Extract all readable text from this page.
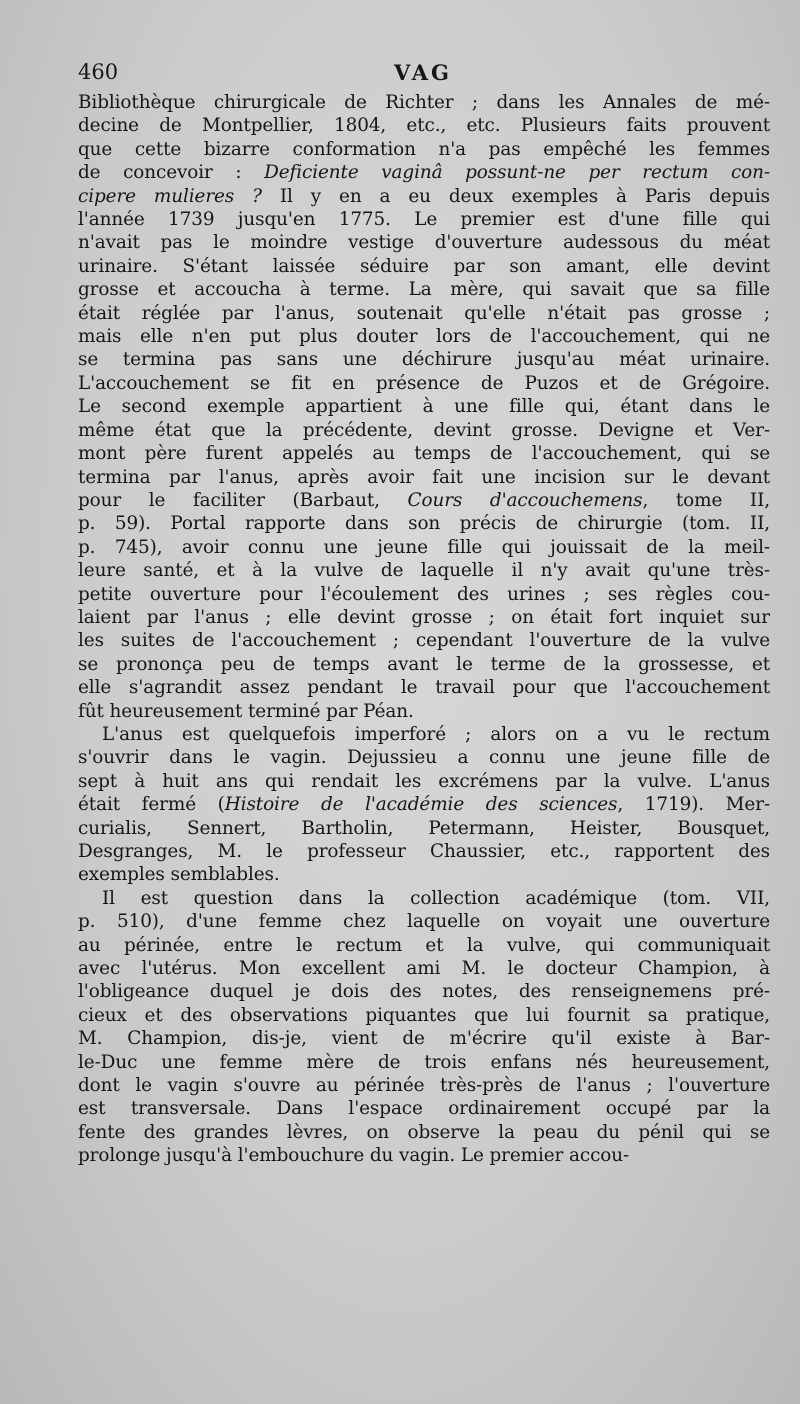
460	VAG
Bibliothèque chirurgicale de Richter ; dans les Annales de mé-
decine de Montpellier, 1804, etc., etc. Plusieurs faits prouvent
que cette bizarre conformation n'a pas empêché les femmes
de concevoir : Deficiente vaginâ possunt-ne per rectum con-
cipere mulieres ? Il y en a eu deux exemples à Paris depuis
l'année 1739 jusqu'en 1775. Le premier est d'une fille qui
n'avait pas le moindre vestige d'ouverture audessous du méat
urinaire. S'étant laissée séduire par son amant, elle devint
grosse et accoucha à terme. La mère, qui savait que sa fille
était réglée par l'anus, soutenait qu'elle n'était pas grosse ;
mais elle n'en put plus douter lors de l'accouchement, qui ne
se termina pas sans une déchirure jusqu'au méat urinaire.
L'accouchement se fit en présence de Puzos et de Grégoire.
Le second exemple appartient à une fille qui, étant dans le
même état que la précédente, devint grosse. Devigne et Ver-
mont père furent appelés au temps de l'accouchement, qui se
termina par l'anus, après avoir fait une incision sur le devant
pour le faciliter (Barbaut, Cours d'accouchemens, tome II,
p. 59). Portal rapporte dans son précis de chirurgie (tom. II,
p. 745), avoir connu une jeune fille qui jouissait de la meil-
leure santé, et à la vulve de laquelle il n'y avait qu'une très-
petite ouverture pour l'écoulement des urines ; ses règles cou-
laient par l'anus ; elle devint grosse ; on était fort inquiet sur
les suites de l'accouchement ; cependant l'ouverture de la vulve
se prononça peu de temps avant le terme de la grossesse, et
elle s'agrandit assez pendant le travail pour que l'accouchement
fût heureusement terminé par Péan.
L'anus est quelquefois imperforé ; alors on a vu le rectum
s'ouvrir dans le vagin. Dejussieu a connu une jeune fille de
sept à huit ans qui rendait les excrémens par la vulve. L'anus
était fermé (Histoire de l'académie des sciences, 1719). Mer-
curialis, Sennert, Bartholin, Petermann, Heister, Bousquet,
Desgranges, M. le professeur Chaussier, etc., rapportent des
exemples semblables.
Il est question dans la collection académique (tom. VII,
p. 510), d'une femme chez laquelle on voyait une ouverture
au périnée, entre le rectum et la vulve, qui communiquait
avec l'utérus. Mon excellent ami M. le docteur Champion, à
l'obligeance duquel je dois des notes, des renseignemens pré-
cieux et des observations piquantes que lui fournit sa pratique,
M. Champion, dis-je, vient de m'écrire qu'il existe à Bar-
le-Duc une femme mère de trois enfans nés heureusement,
dont le vagin s'ouvre au périnée très-près de l'anus ; l'ouverture
est transversale. Dans l'espace ordinairement occupé par la
fente des grandes lèvres, on observe la peau du pénil qui se
prolonge jusqu'à l'embouchure du vagin. Le premier accou-
